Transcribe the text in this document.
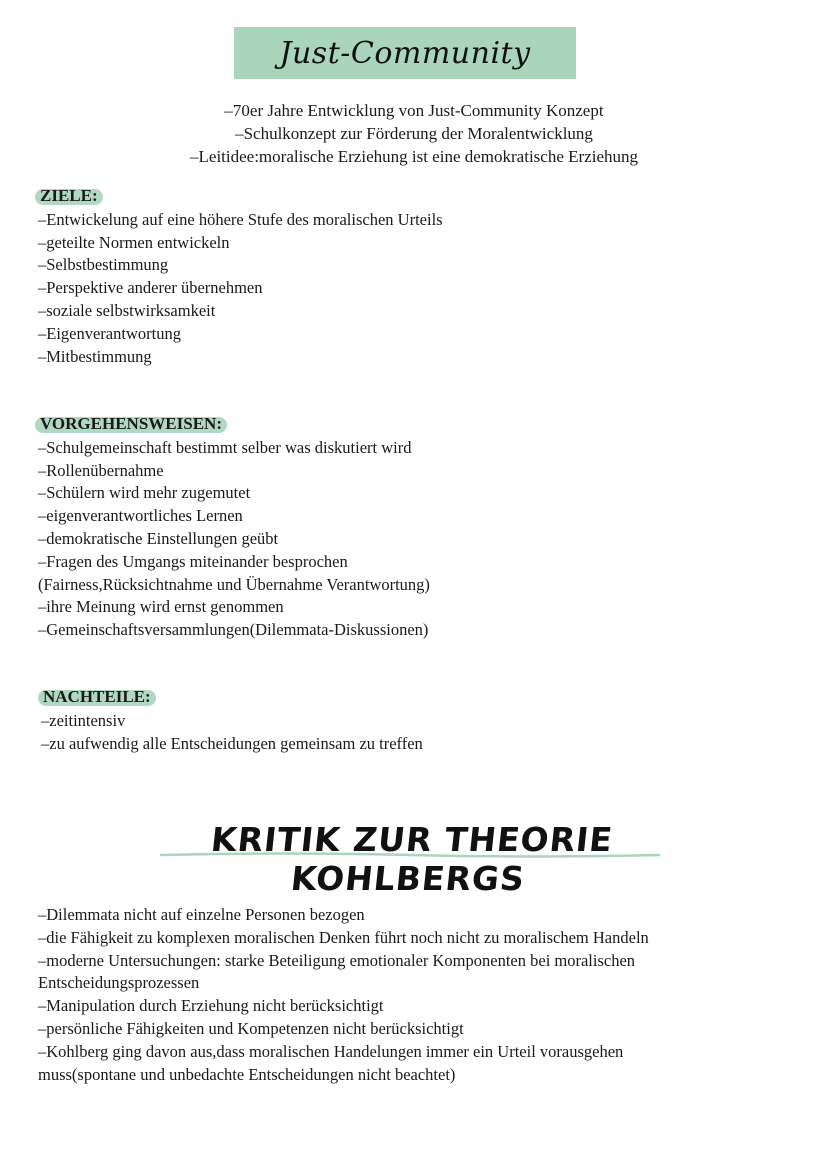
Just-Community
–70er Jahre Entwicklung von Just-Community Konzept
–Schulkonzept zur Förderung der Moralentwicklung
–Leitidee:moralische Erziehung ist eine demokratische Erziehung
ZIELE:
–Entwickelung auf eine höhere Stufe des moralischen Urteils
–geteilte Normen entwickeln
–Selbstbestimmung
–Perspektive anderer übernehmen
–soziale selbstwirksamkeit
–Eigenverantwortung
–Mitbestimmung
VORGEHENSWEISEN:
–Schulgemeinschaft bestimmt selber was diskutiert wird
–Rollenübernahme
–Schülern wird mehr zugemutet
–eigenverantwortliches Lernen
–demokratische Einstellungen geübt
–Fragen des Umgangs miteinander besprochen
(Fairness,Rücksichtnahme und Übernahme Verantwortung)
–ihre Meinung wird ernst genommen
–Gemeinschaftsversammlungen(Dilemmata-Diskussionen)
NACHTEILE:
–zeitintensiv
–zu aufwendig alle Entscheidungen gemeinsam zu treffen
KRITIK ZUR THEORIE KOHLBERGS
–Dilemmata nicht auf einzelne Personen bezogen
–die Fähigkeit zu komplexen moralischen Denken führt noch nicht zu moralischem Handeln
–moderne Untersuchungen: starke Beteiligung emotionaler Komponenten bei moralischen
Entscheidungsprozessen
–Manipulation durch Erziehung nicht berücksichtigt
–persönliche Fähigkeiten und Kompetenzen nicht berücksichtigt
–Kohlberg ging davon aus,dass moralischen Handelungen immer ein Urteil vorausgehen
muss(spontane und unbedachte Entscheidungen nicht beachtet)
